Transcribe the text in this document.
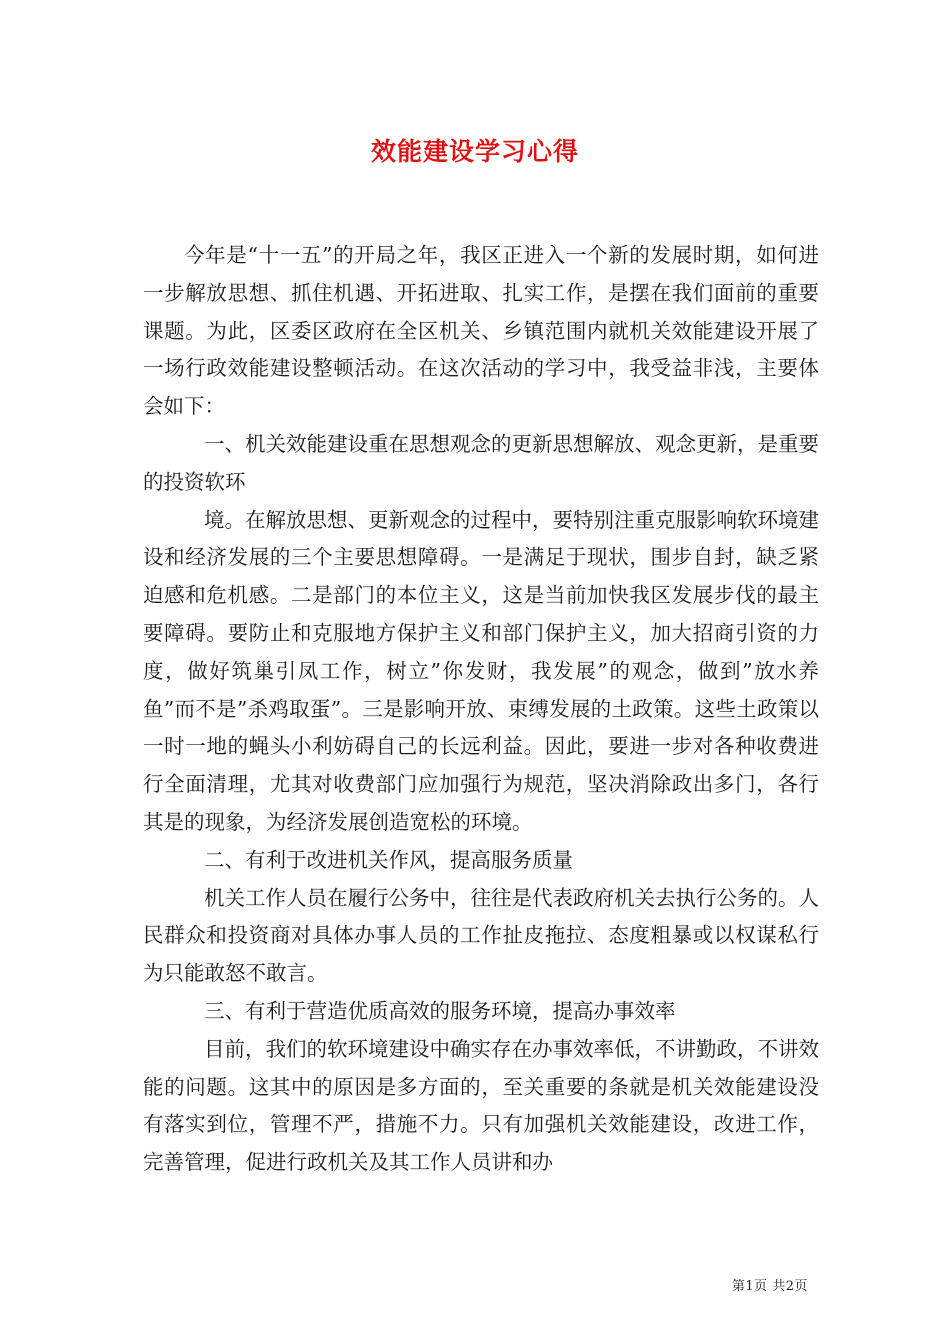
效能建设学习心得

今年是“十一五”的开局之年，我区正进入一个新的发展时期，如何进一步解放思想、抓住机遇、开拓进取、扎实工作，是摆在我们面前的重要课题。为此，区委区政府在全区机关、乡镇范围内就机关效能建设开展了一场行政效能建设整顿活动。在这次活动的学习中，我受益非浅，主要体会如下：

一、机关效能建设重在思想观念的更新思想解放、观念更新，是重要的投资软环

境。在解放思想、更新观念的过程中，要特别注重克服影响软环境建设和经济发展的三个主要思想障碍。一是满足于现状，围步自封，缺乏紧迫感和危机感。二是部门的本位主义，这是当前加快我区发展步伐的最主要障碍。要防止和克服地方保护主义和部门保护主义，加大招商引资的力度，做好筑巢引凤工作，树立”你发财，我发展”的观念，做到”放水养鱼”而不是”杀鸡取蛋”。三是影响开放、束缚发展的土政策。这些土政策以一时一地的蝇头小利妨碍自己的长远利益。因此，要进一步对各种收费进行全面清理，尤其对收费部门应加强行为规范，坚决消除政出多门，各行其是的现象，为经济发展创造宽松的环境。

二、有利于改进机关作风，提高服务质量

机关工作人员在履行公务中，往往是代表政府机关去执行公务的。人民群众和投资商对具体办事人员的工作扯皮拖拉、态度粗暴或以权谋私行为只能敢怒不敢言。

三、有利于营造优质高效的服务环境，提高办事效率

目前，我们的软环境建设中确实存在办事效率低，不讲勤政，不讲效能的问题。这其中的原因是多方面的，至关重要的条就是机关效能建设没有落实到位，管理不严，措施不力。只有加强机关效能建设，改进工作，完善管理，促进行政机关及其工作人员讲和办

第1页 共2页
